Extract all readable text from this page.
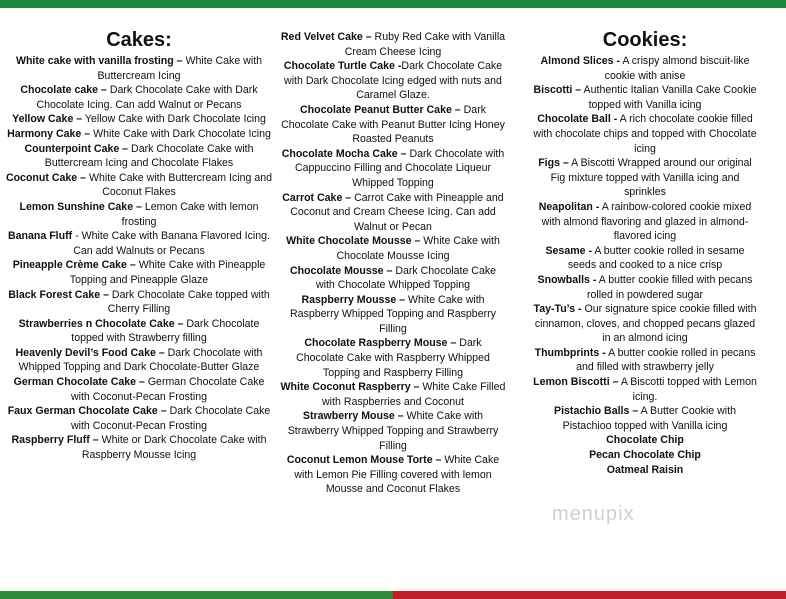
Cakes:

White cake with vanilla frosting – White Cake with Buttercream Icing

Chocolate cake – Dark Chocolate Cake with Dark Chocolate Icing. Can add Walnut or Pecans

Yellow Cake – Yellow Cake with Dark Chocolate Icing

Harmony Cake – White Cake with Dark Chocolate Icing

Counterpoint Cake – Dark Chocolate Cake with Buttercream Icing and Chocolate Flakes

Coconut Cake – White Cake with Buttercream Icing and Coconut Flakes

Lemon Sunshine Cake – Lemon Cake with lemon frosting

Banana Fluff - White Cake with Banana Flavored Icing. Can add Walnuts or Pecans

Pineapple Crème Cake – White Cake with Pineapple Topping and Pineapple Glaze

Black Forest Cake – Dark Chocolate Cake topped with Cherry Filling

Strawberries n Chocolate Cake – Dark Chocolate topped with Strawberry filling

Heavenly Devil’s Food Cake – Dark Chocolate with Whipped Topping and Dark Chocolate-Butter Glaze

German Chocolate Cake – German Chocolate Cake with Coconut-Pecan Frosting

Faux German Chocolate Cake – Dark Chocolate Cake with Coconut-Pecan Frosting

Raspberry Fluff – White or Dark Chocolate Cake with Raspberry Mousse Icing

Red Velvet Cake – Ruby Red Cake with Vanilla Cream Cheese Icing

Chocolate Turtle Cake -Dark Chocolate Cake with Dark Chocolate Icing edged with nuts and Caramel Glaze.

Chocolate Peanut Butter Cake – Dark Chocolate Cake with Peanut Butter Icing Honey Roasted Peanuts

Chocolate Mocha Cake – Dark Chocolate with Cappuccino Filling and Chocolate Liqueur Whipped Topping

Carrot Cake – Carrot Cake with Pineapple and Coconut and Cream Cheese Icing. Can add Walnut or Pecan

White Chocolate Mousse – White Cake with Chocolate Mousse Icing

Chocolate Mousse – Dark Chocolate Cake with Chocolate Whipped Topping

Raspberry Mousse – White Cake with Raspberry Whipped Topping and Raspberry Filling

Chocolate Raspberry Mouse – Dark Chocolate Cake with Raspberry Whipped Topping and Raspberry Filling

White Coconut Raspberry – White Cake Filled with Raspberries and Coconut

Strawberry Mouse – White Cake with Strawberry Whipped Topping and Strawberry Filling

Coconut Lemon Mouse Torte – White Cake with Lemon Pie Filling covered with lemon Mousse and Coconut Flakes

Cookies:

Almond Slices - A crispy almond biscuit-like cookie with anise

Biscotti – Authentic Italian Vanilla Cake Cookie topped with Vanilla icing

Chocolate Ball - A rich chocolate cookie filled with chocolate chips and topped with Chocolate icing

Figs – A Biscotti Wrapped around our original Fig mixture topped with Vanilla icing and sprinkles

Neapolitan - A rainbow-colored cookie mixed with almond flavoring and glazed in almond-flavored icing

Sesame - A butter cookie rolled in sesame seeds and cooked to a nice crisp

Snowballs - A butter cookie filled with pecans rolled in powdered sugar

Tay-Tu’s - Our signature spice cookie filled with cinnamon, cloves, and chopped pecans glazed in an almond icing

Thumbprints - A butter cookie rolled in pecans and filled with strawberry jelly

Lemon Biscotti – A Biscotti topped with Lemon icing.

Pistachio Balls – A Butter Cookie with Pistachioo topped with Vanilla icing

Chocolate Chip

Pecan Chocolate Chip

Oatmeal Raisin

menupix
